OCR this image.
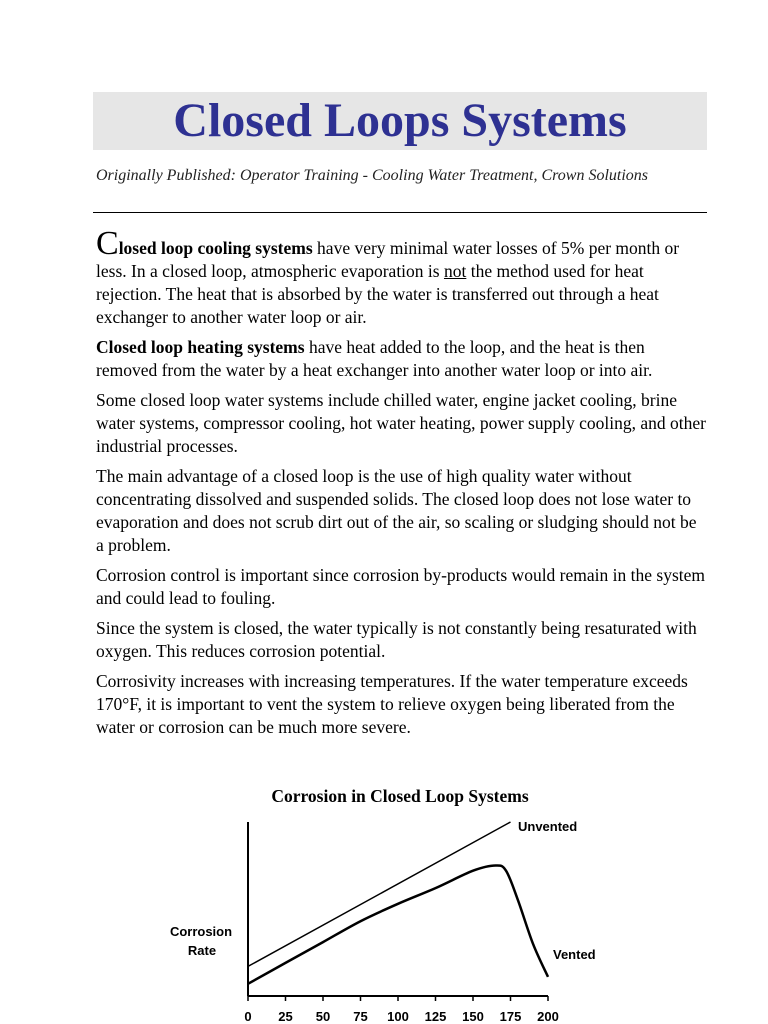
Closed Loops Systems

Originally Published: Operator Training - Cooling Water Treatment, Crown Solutions

Closed loop cooling systems have very minimal water losses of 5% per month or less. In a closed loop, atmospheric evaporation is not the method used for heat rejection. The heat that is absorbed by the water is transferred out through a heat exchanger to another water loop or air.

Closed loop heating systems have heat added to the loop, and the heat is then removed from the water by a heat exchanger into another water loop or into air.

Some closed loop water systems include chilled water, engine jacket cooling, brine water systems, compressor cooling, hot water heating, power supply cooling, and other industrial processes.

The main advantage of a closed loop is the use of high quality water without concentrating dissolved and suspended solids. The closed loop does not lose water to evaporation and does not scrub dirt out of the air, so scaling or sludging should not be a problem.

Corrosion control is important since corrosion by-products would remain in the system and could lead to fouling.

Since the system is closed, the water typically is not constantly being resaturated with oxygen. This reduces corrosion potential.

Corrosivity increases with increasing temperatures. If the water temperature exceeds 170°F, it is important to vent the system to relieve oxygen being liberated from the water or corrosion can be much more severe.

Corrosion in Closed Loop Systems
0 25 50 75 100 125 150 175 200
Corrosion
Rate
Unvented
Vented
